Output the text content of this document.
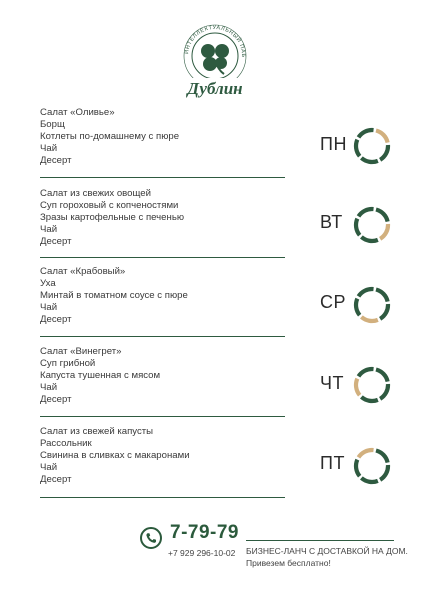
ИНТЕЛЛЕКТУАЛЬНЫЙ ПАБ
Дублин
Салат «Оливье»
Борщ
Котлеты по-домашнему с пюре
Чай
Десерт
ПН
Салат из свежих овощей
Суп гороховый с копченостями
Зразы картофельные с печенью
Чай
Десерт
ВТ
Салат «Крабовый»
Уха
Минтай в томатном соусе с пюре
Чай
Десерт
СР
Салат «Винегрет»
Суп грибной
Капуста тушенная с мясом
Чай
Десерт
ЧТ
Салат из свежей капусты
Рассольник
Свинина в сливках с макаронами
Чай
Десерт
ПТ
7-79-79
+7 929 296-10-02 БИЗНЕС-ЛАНЧ С ДОСТАВКОЙ НА ДОМ.
Привезем бесплатно!
